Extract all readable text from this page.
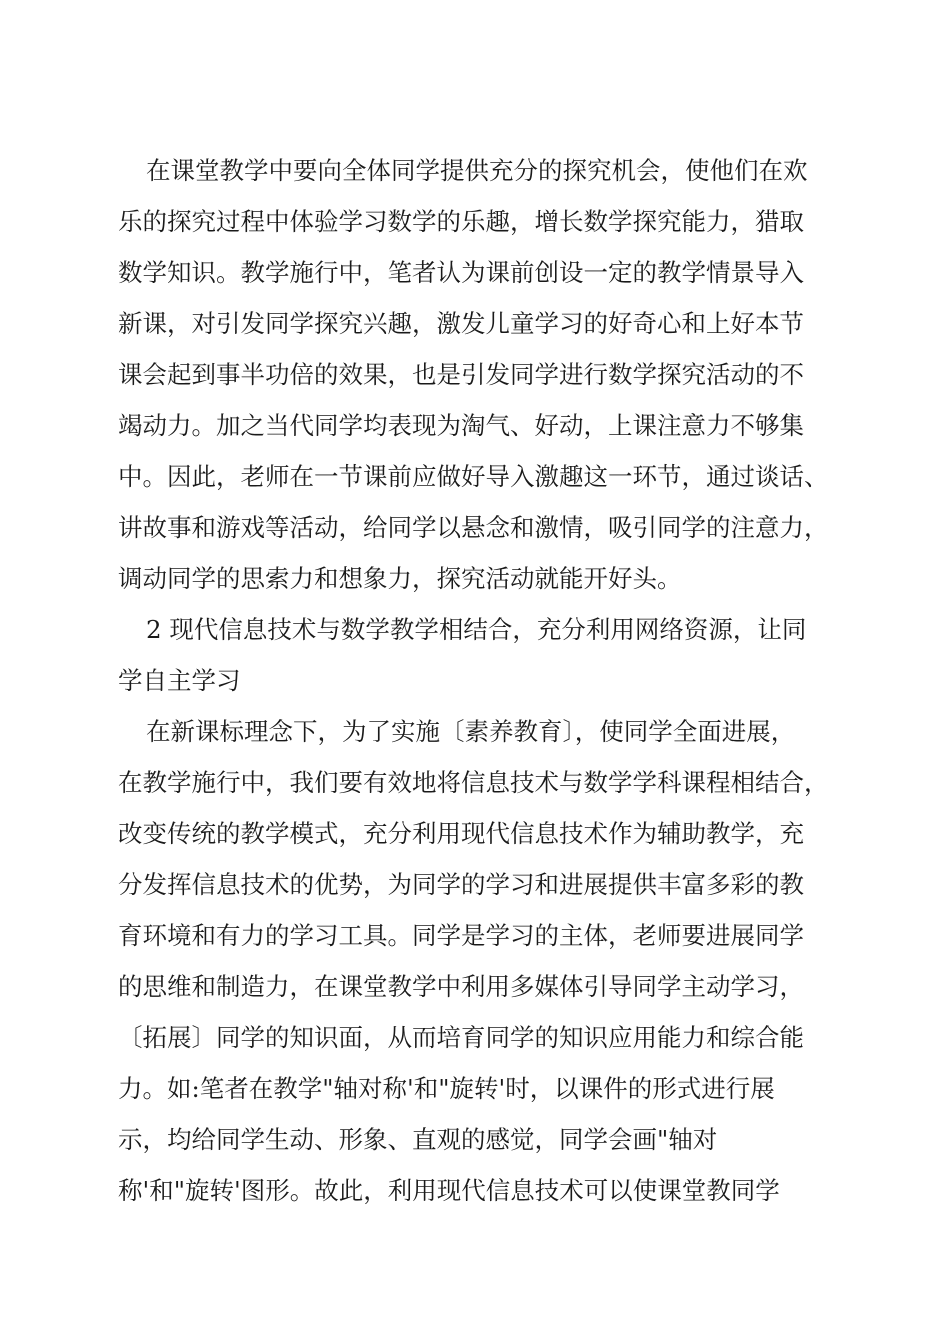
在课堂教学中要向全体同学提供充分的探究机会，使他们在欢
乐的探究过程中体验学习数学的乐趣，增长数学探究能力，猎取
数学知识。教学施行中，笔者认为课前创设一定的教学情景导入
新课，对引发同学探究兴趣，激发儿童学习的好奇心和上好本节
课会起到事半功倍的效果，也是引发同学进行数学探究活动的不
竭动力。加之当代同学均表现为淘气、好动，上课注意力不够集
中。因此，老师在一节课前应做好导入激趣这一环节，通过谈话、
讲故事和游戏等活动，给同学以悬念和激情，吸引同学的注意力，
调动同学的思索力和想象力，探究活动就能开好头。
2 现代信息技术与数学教学相结合，充分利用网络资源，让同
学自主学习
在新课标理念下，为了实施〔素养教育〕，使同学全面进展，
在教学施行中，我们要有效地将信息技术与数学学科课程相结合，
改变传统的教学模式，充分利用现代信息技术作为辅助教学，充
分发挥信息技术的优势，为同学的学习和进展提供丰富多彩的教
育环境和有力的学习工具。同学是学习的主体，老师要进展同学
的思维和制造力，在课堂教学中利用多媒体引导同学主动学习，
〔拓展〕同学的知识面，从而培育同学的知识应用能力和综合能
力。如:笔者在教学"轴对称'和"旋转'时，以课件的形式进行展
示，均给同学生动、形象、直观的感觉，同学会画"轴对
称'和"旋转'图形。故此，利用现代信息技术可以使课堂教同学
